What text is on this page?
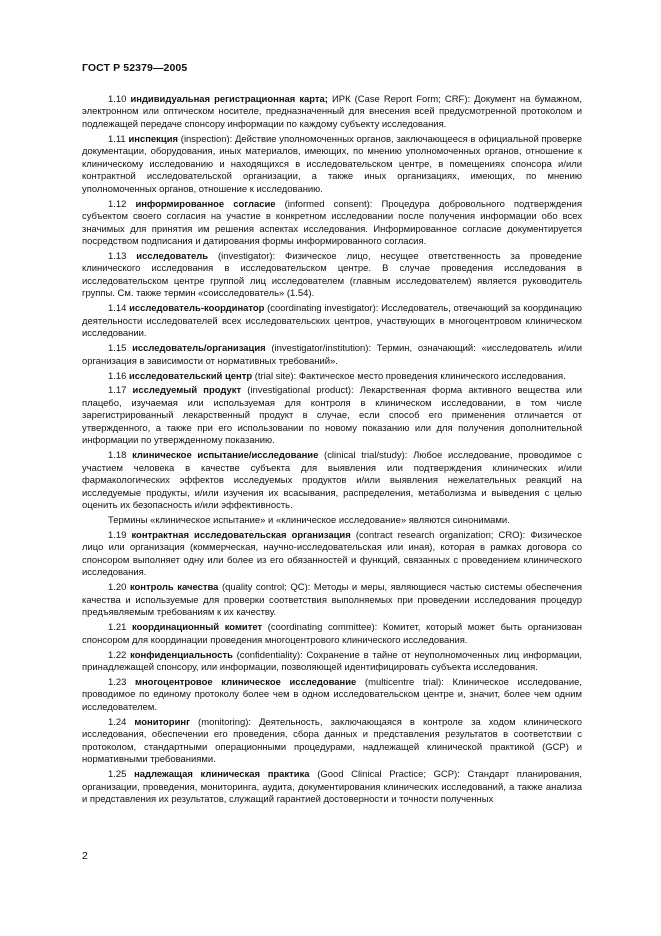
ГОСТ Р 52379—2005

1.10 индивидуальная регистрационная карта; ИРК (Case Report Form; CRF): Документ на бумажном, электронном или оптическом носителе, предназначенный для внесения всей предусмотренной протоколом и подлежащей передаче спонсору информации по каждому субъекту исследования.

1.11 инспекция (inspection): Действие уполномоченных органов, заключающееся в официальной проверке документации, оборудования, иных материалов, имеющих, по мнению уполномоченных органов, отношение к клиническому исследованию и находящихся в исследовательском центре, в помещениях спонсора и/или контрактной исследовательской организации, а также иных организациях, имеющих, по мнению уполномоченных органов, отношение к исследованию.

1.12 информированное согласие (informed consent): Процедура добровольного подтверждения субъектом своего согласия на участие в конкретном исследовании после получения информации обо всех значимых для принятия им решения аспектах исследования. Информированное согласие документируется посредством подписания и датирования формы информированного согласия.

1.13 исследователь (investigator): Физическое лицо, несущее ответственность за проведение клинического исследования в исследовательском центре. В случае проведения исследования в исследовательском центре группой лиц исследователем (главным исследователем) является руководитель группы. См. также термин «соисследователь» (1.54).

1.14 исследователь-координатор (coordinating investigator): Исследователь, отвечающий за координацию деятельности исследователей всех исследовательских центров, участвующих в многоцентровом клиническом исследовании.

1.15 исследователь/организация (investigator/institution): Термин, означающий: «исследователь и/или организация в зависимости от нормативных требований».

1.16 исследовательский центр (trial site): Фактическое место проведения клинического исследования.

1.17 исследуемый продукт (investigational product): Лекарственная форма активного вещества или плацебо, изучаемая или используемая для контроля в клиническом исследовании, в том числе зарегистрированный лекарственный продукт в случае, если способ его применения отличается от утвержденного, а также при его использовании по новому показанию или для получения дополнительной информации по утвержденному показанию.

1.18 клиническое испытание/исследование (clinical trial/study): Любое исследование, проводимое с участием человека в качестве субъекта для выявления или подтверждения клинических и/или фармакологических эффектов исследуемых продуктов и/или выявления нежелательных реакций на исследуемые продукты, и/или изучения их всасывания, распределения, метаболизма и выведения с целью оценить их безопасность и/или эффективность.

Термины «клиническое испытание» и «клиническое исследование» являются синонимами.

1.19 контрактная исследовательская организация (contract research organization; CRO): Физическое лицо или организация (коммерческая, научно-исследовательская или иная), которая в рамках договора со спонсором выполняет одну или более из его обязанностей и функций, связанных с проведением клинического исследования.

1.20 контроль качества (quality control; QC): Методы и меры, являющиеся частью системы обеспечения качества и используемые для проверки соответствия выполняемых при проведении исследования процедур предъявляемым требованиям к их качеству.

1.21 координационный комитет (coordinating committee): Комитет, который может быть организован спонсором для координации проведения многоцентрового клинического исследования.

1.22 конфиденциальность (confidentiality): Сохранение в тайне от неуполномоченных лиц информации, принадлежащей спонсору, или информации, позволяющей идентифицировать субъекта исследования.

1.23 многоцентровое клиническое исследование (multicentre trial): Клиническое исследование, проводимое по единому протоколу более чем в одном исследовательском центре и, значит, более чем одним исследователем.

1.24 мониторинг (monitoring): Деятельность, заключающаяся в контроле за ходом клинического исследования, обеспечении его проведения, сбора данных и представления результатов в соответствии с протоколом, стандартными операционными процедурами, надлежащей клинической практикой (GCP) и нормативными требованиями.

1.25 надлежащая клиническая практика (Good Clinical Practice; GCP): Стандарт планирования, организации, проведения, мониторинга, аудита, документирования клинических исследований, а также анализа и представления их результатов, служащий гарантией достоверности и точности полученных

2
